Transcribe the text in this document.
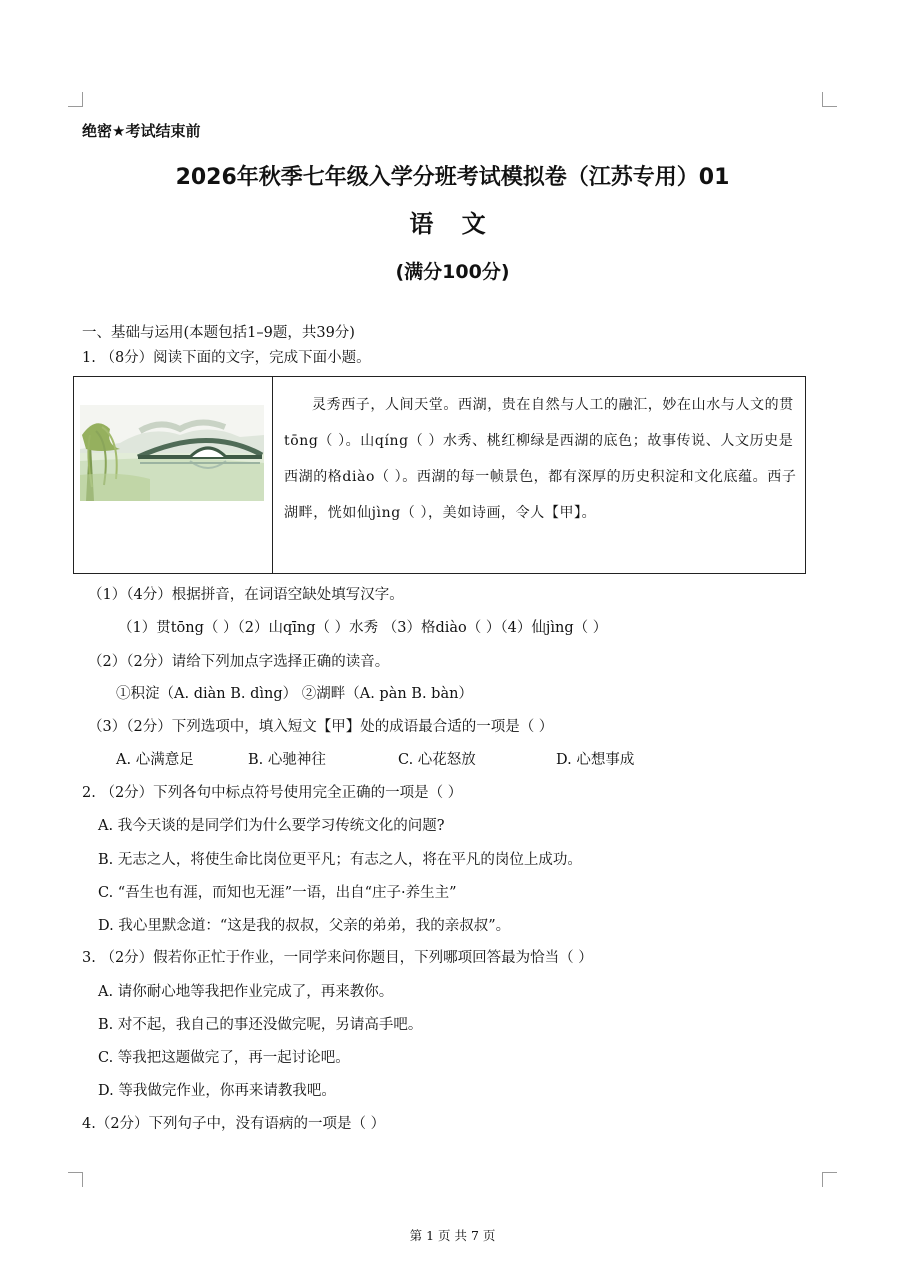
绝密★考试结束前
2026年秋季七年级入学分班考试模拟卷（江苏专用）01
语 文
(满分100分)
一、基础与运用(本题包括1–9题，共39分)
1. （8分）阅读下面的文字，完成下面小题。
灵秀西子，人间天堂。西湖，贵在自然与人工的融汇，妙在山水与人文的贯tōng（ ）。山qíng（ ）水秀、桃红柳绿是西湖的底色；故事传说、人文历史是西湖的格diào（ ）。西湖的每一帧景色，都有深厚的历史积淀和文化底蕴。西子湖畔，恍如仙jìng（ ），美如诗画，令人【甲】。
（1）（4分）根据拼音，在词语空缺处填写汉字。
（1）贯tōng（ ）（2）山qīng（ ）水秀 （3）格diào（ ）（4）仙jìng（ ）
（2）（2分）请给下列加点字选择正确的读音。
①积淀（A. diàn B. dìng） ②湖畔（A. pàn B. bàn）
（3）（2分）下列选项中，填入短文【甲】处的成语最合适的一项是（ ）
A. 心满意足	B. 心驰神往	C. 心花怒放	D. 心想事成
2. （2分）下列各句中标点符号使用完全正确的一项是（ ）
A. 我今天谈的是同学们为什么要学习传统文化的问题?
B. 无志之人，将使生命比岗位更平凡；有志之人，将在平凡的岗位上成功。
C. “吾生也有涯，而知也无涯”一语，出自“庄子·养生主”
D. 我心里默念道：“这是我的叔叔，父亲的弟弟，我的亲叔叔”。
3. （2分）假若你正忙于作业，一同学来问你题目，下列哪项回答最为恰当（ ）
A. 请你耐心地等我把作业完成了，再来教你。
B. 对不起，我自己的事还没做完呢，另请高手吧。
C. 等我把这题做完了，再一起讨论吧。
D. 等我做完作业，你再来请教我吧。
4.（2分）下列句子中，没有语病的一项是（ ）
第 1 页 共 7 页
